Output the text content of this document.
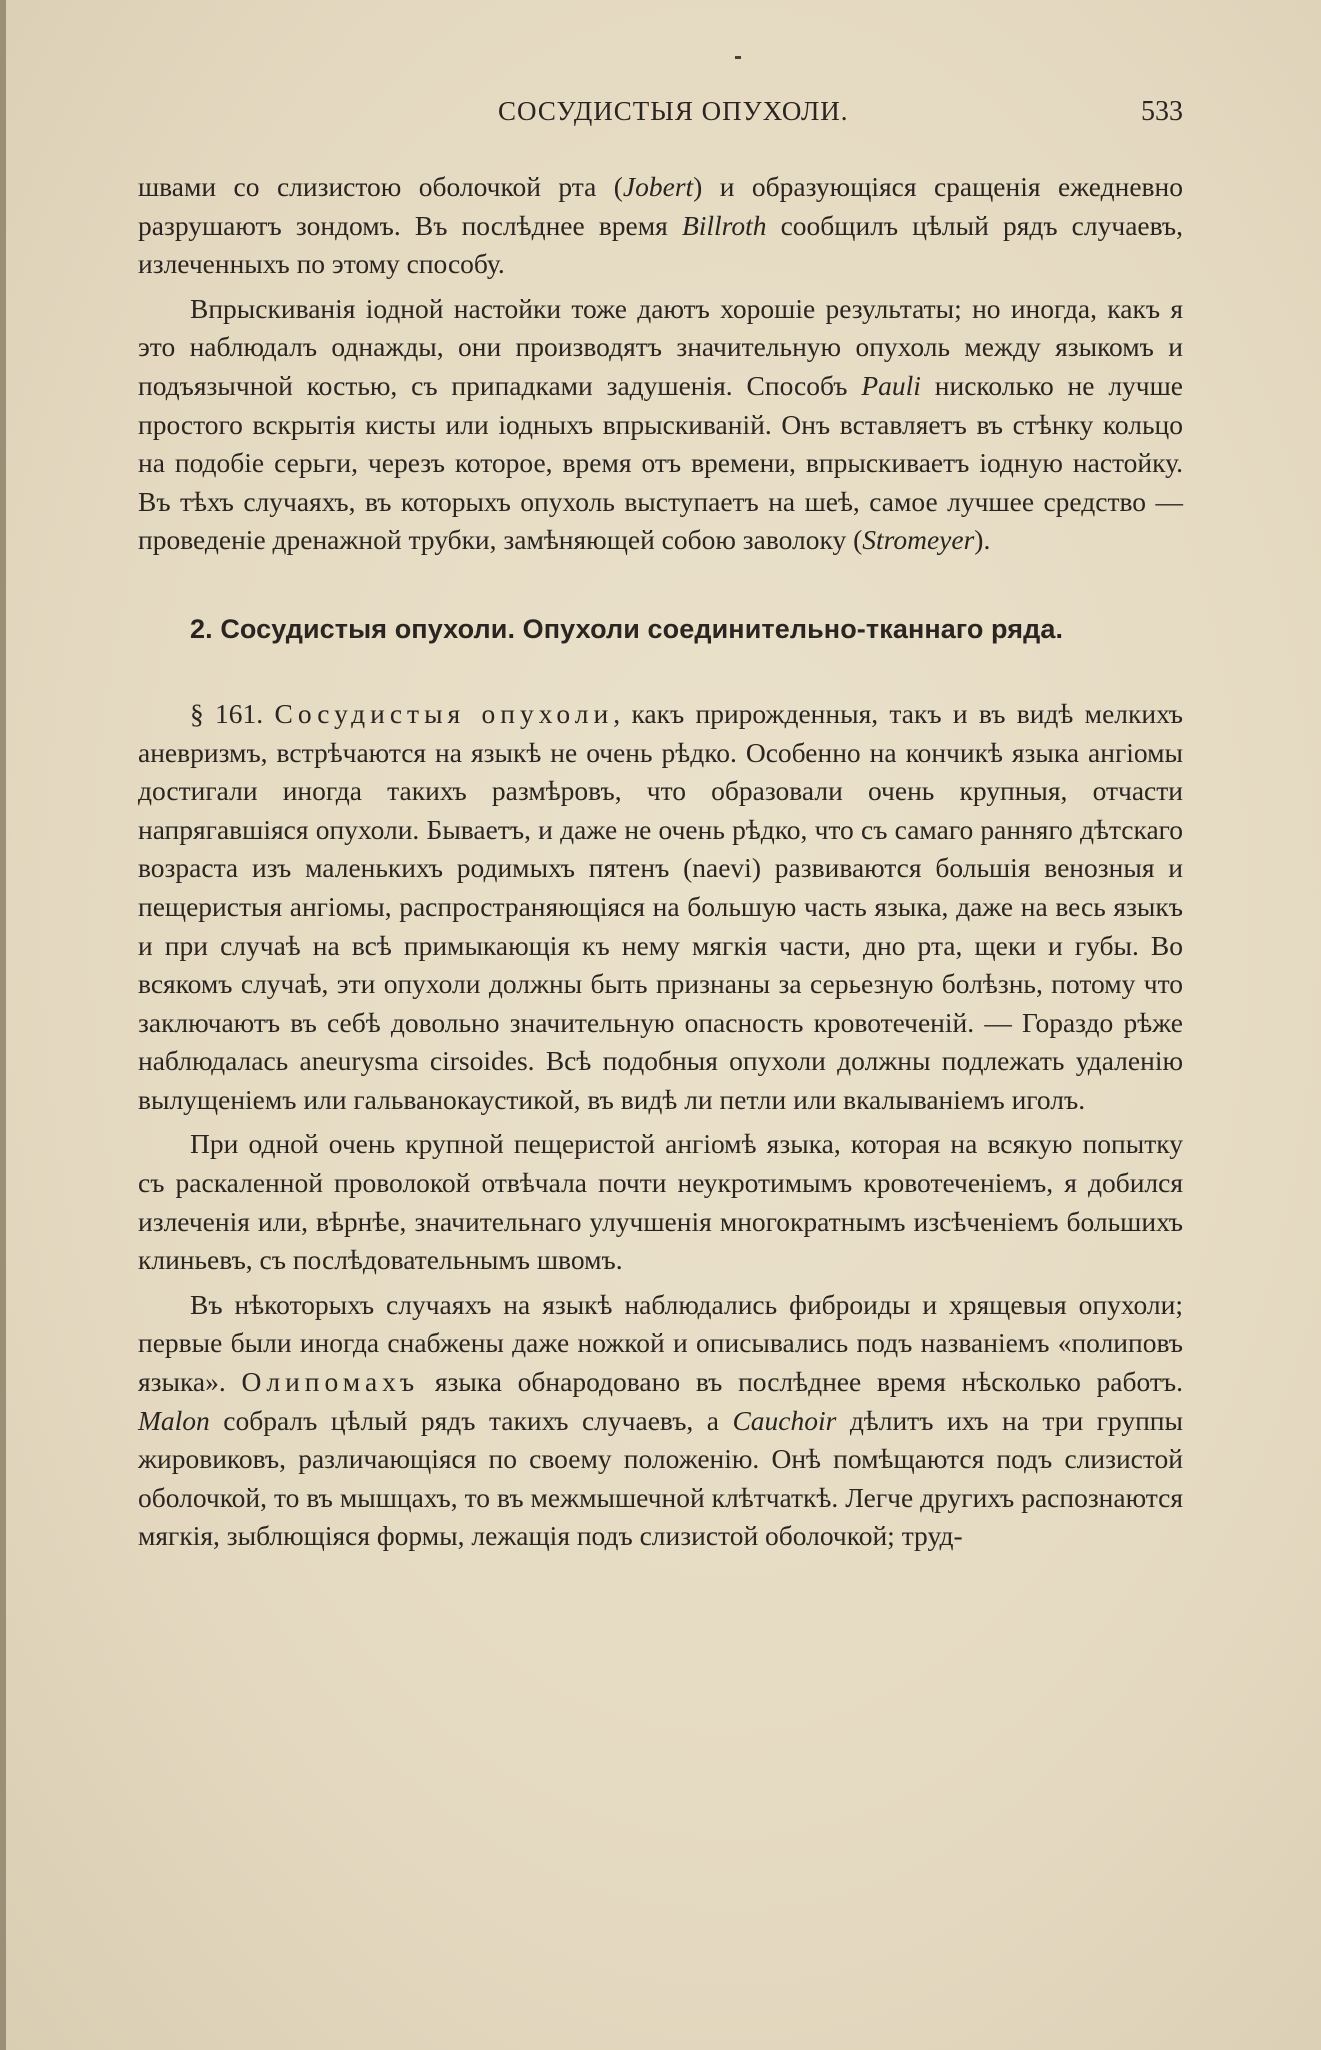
СОСУДИСТЫЯ ОПУХОЛИ.	533

швами со слизистою оболочкой рта (Jobert) и образующіяся сращенія ежедневно разрушаютъ зондомъ. Въ послѣднее время Billroth сообщилъ цѣлый рядъ случаевъ, излеченныхъ по этому способу.

Впрыскиванія іодной настойки тоже даютъ хорошіе результаты; но иногда, какъ я это наблюдалъ однажды, они производятъ значительную опухоль между языкомъ и подъязычной костью, съ припадками задушенія. Способъ Pauli нисколько не лучше простого вскрытія кисты или іодныхъ впрыскиваній. Онъ вставляетъ въ стѣнку кольцо на подобіе серьги, черезъ которое, время отъ времени, впрыскиваетъ іодную настойку. Въ тѣхъ случаяхъ, въ которыхъ опухоль выступаетъ на шеѣ, самое лучшее средство — проведеніе дренажной трубки, замѣняющей собою заволоку (Stromeyer).

2. Сосудистыя опухоли. Опухоли соединительно-тканнаго ряда.

§ 161. Сосудистыя опухоли, какъ прирожденныя, такъ и въ видѣ мелкихъ аневризмъ, встрѣчаются на языкѣ не очень рѣдко. Особенно на кончикѣ языка ангіомы достигали иногда такихъ размѣровъ, что образовали очень крупныя, отчасти напрягавшіяся опухоли. Бываетъ, и даже не очень рѣдко, что съ самаго ранняго дѣтскаго возраста изъ маленькихъ родимыхъ пятенъ (naevi) развиваются большія венозныя и пещеристыя ангіомы, распространяющіяся на большую часть языка, даже на весь языкъ и при случаѣ на всѣ примыкающія къ нему мягкія части, дно рта, щеки и губы. Во всякомъ случаѣ, эти опухоли должны быть признаны за серьезную болѣзнь, потому что заключаютъ въ себѣ довольно значительную опасность кровотеченій. — Гораздо рѣже наблюдалась aneurysma cirsoides. Всѣ подобныя опухоли должны подлежать удаленію вылущеніемъ или гальванокаустикой, въ видѣ ли петли или вкалываніемъ иголъ.

При одной очень крупной пещеристой ангіомѣ языка, которая на всякую попытку съ раскаленной проволокой отвѣчала почти неукротимымъ кровотеченіемъ, я добился излеченія или, вѣрнѣе, значительнаго улучшенія многократнымъ изсѣченіемъ большихъ клиньевъ, съ послѣдовательнымъ швомъ.

Въ нѣкоторыхъ случаяхъ на языкѣ наблюдались фиброиды и хрящевыя опухоли; первые были иногда снабжены даже ножкой и описывались подъ названіемъ «полиповъ языка». Олипомахъ языка обнародовано въ послѣднее время нѣсколько работъ. Malon собралъ цѣлый рядъ такихъ случаевъ, а Cauchoir дѣлитъ ихъ на три группы жировиковъ, различающіяся по своему положенію. Онѣ помѣщаются подъ слизистой оболочкой, то въ мышцахъ, то въ межмышечной клѣтчаткѣ. Легче другихъ распознаются мягкія, зыблющіяся формы, лежащія подъ слизистой оболочкой; труд-
